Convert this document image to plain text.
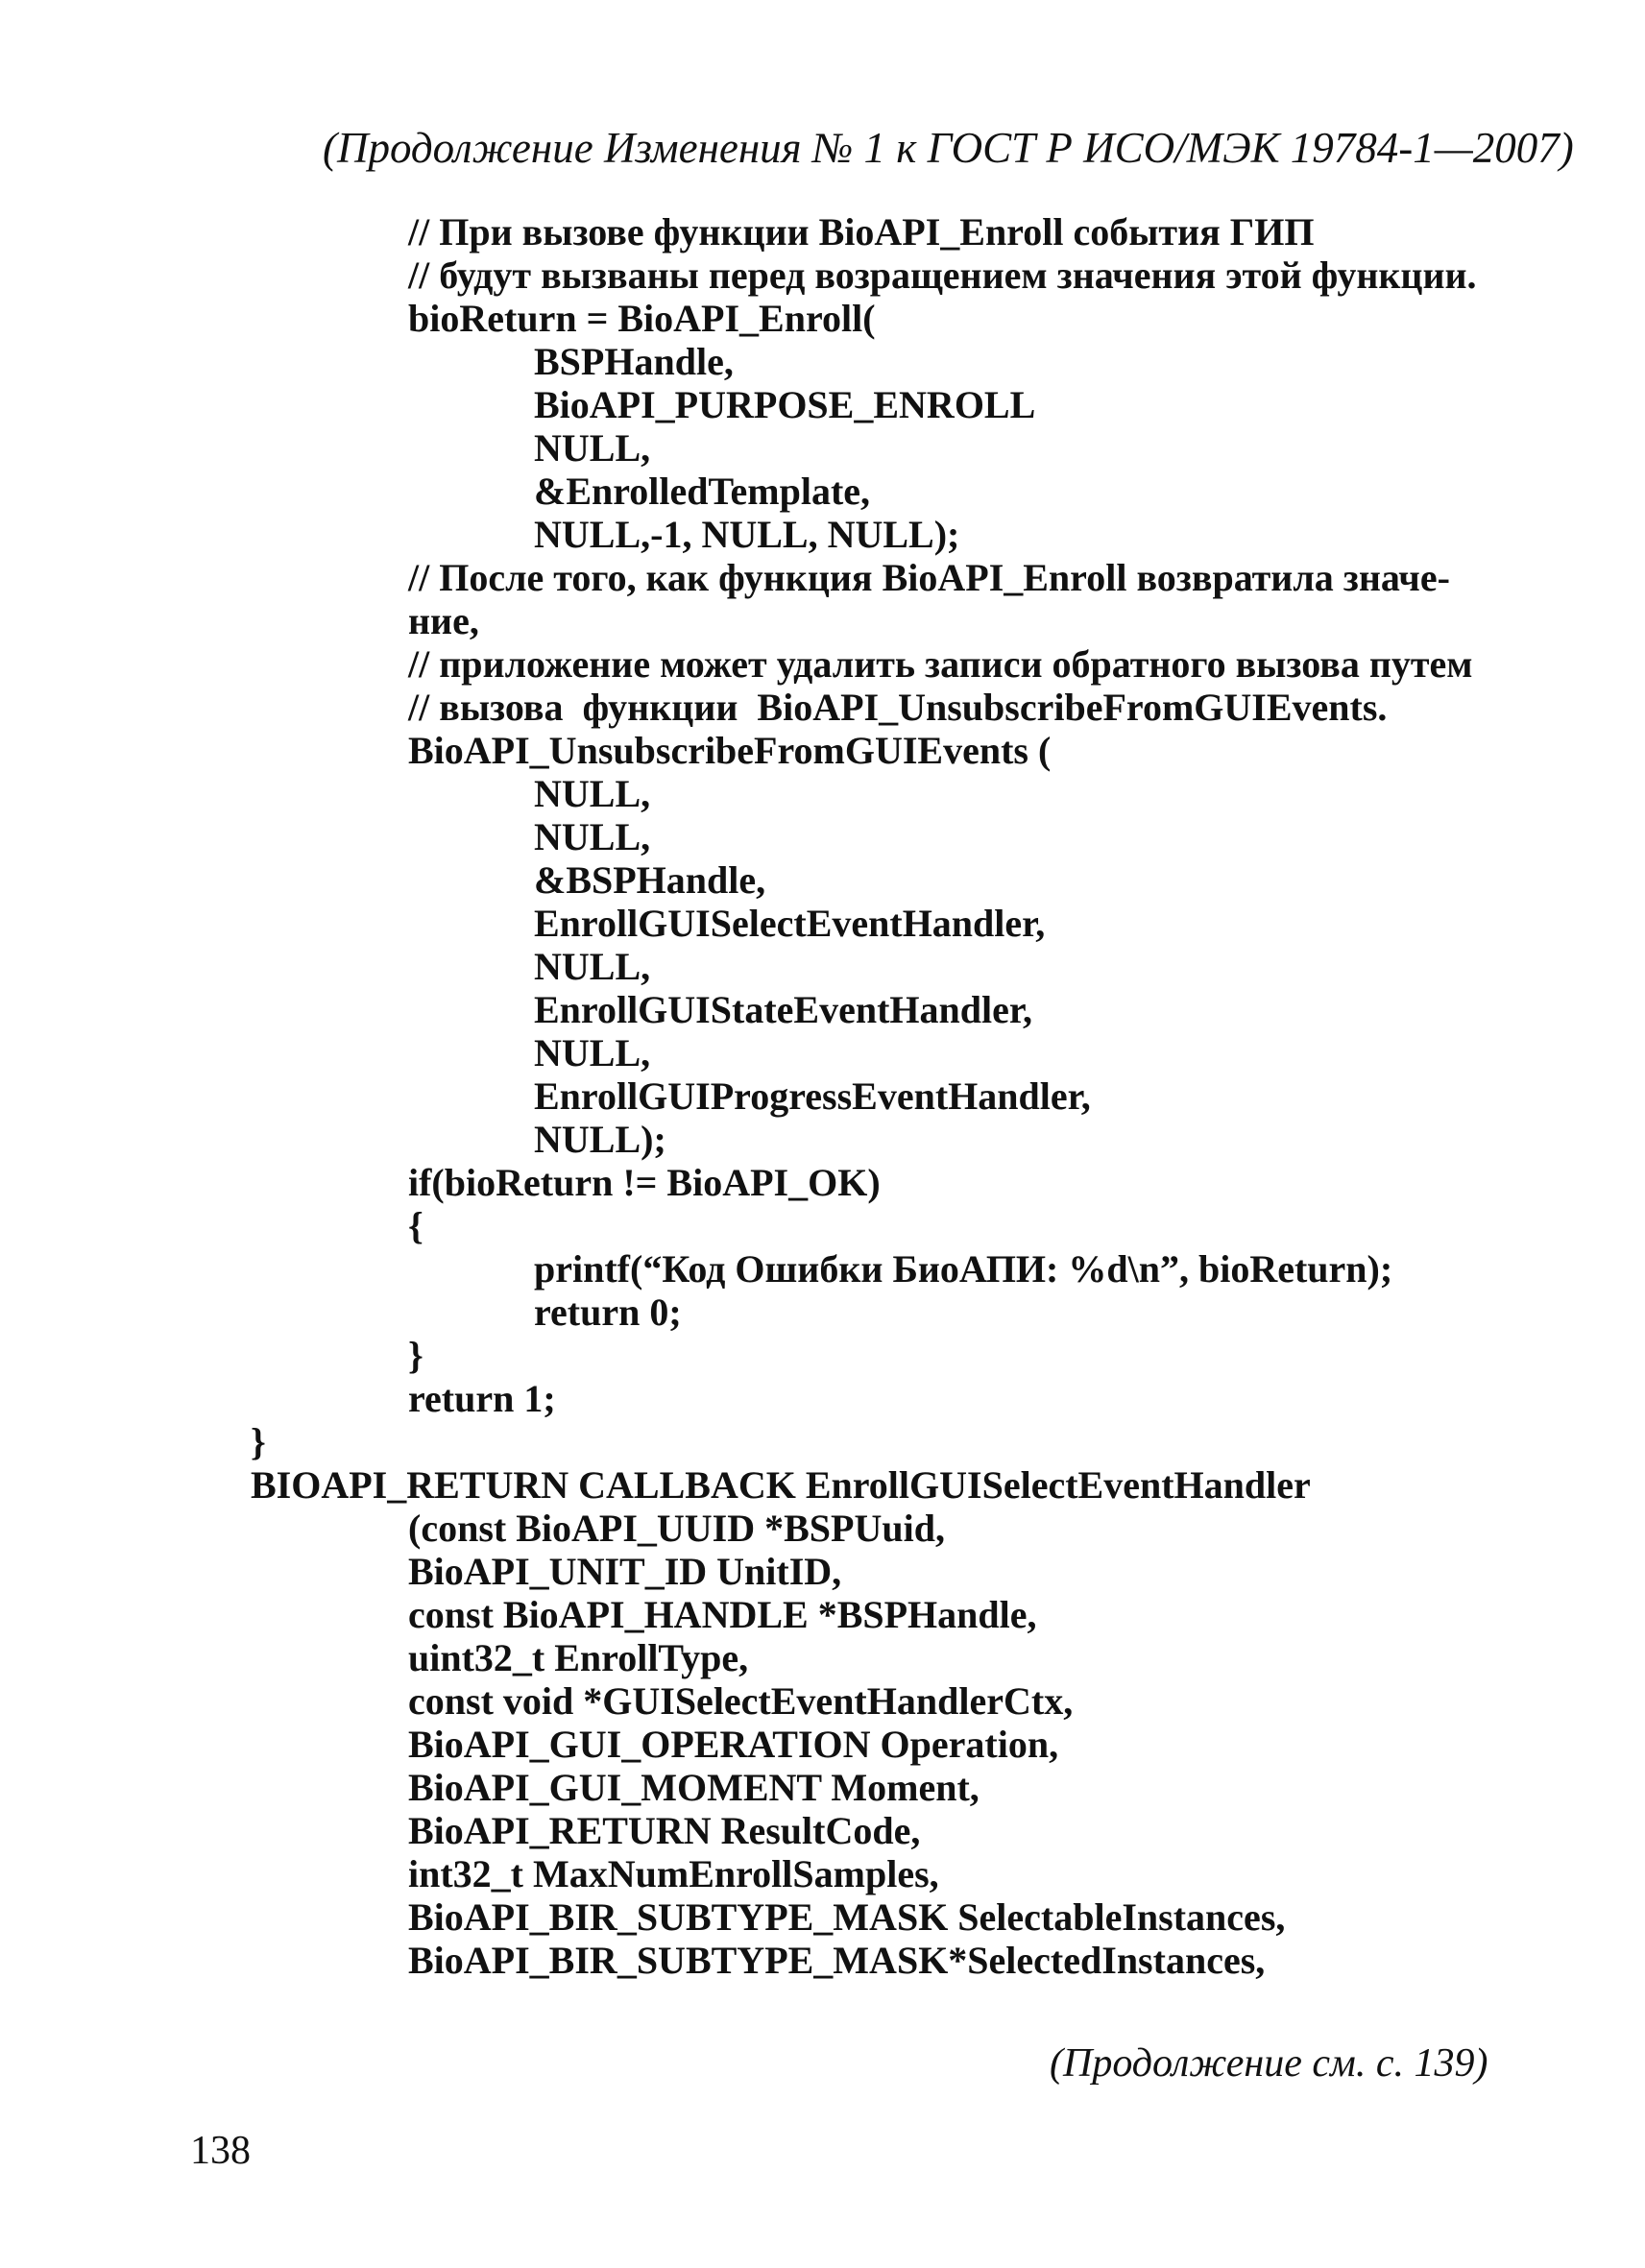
(Продолжение Изменения № 1 к ГОСТ Р ИСО/МЭК 19784-1—2007)
// При вызове функции BioAPI_Enroll события ГИП
// будут вызваны перед возращением значения этой функции.
bioReturn = BioAPI_Enroll(
BSPHandle,
BioAPI_PURPOSE_ENROLL
NULL,
&EnrolledTemplate,
NULL,-1, NULL, NULL);
// После того, как функция BioAPI_Enroll возвратила значе-
ние,
// приложение может удалить записи обратного вызова путем
// вызова  функции  BioAPI_UnsubscribeFromGUIEvents.
BioAPI_UnsubscribeFromGUIEvents (
NULL,
NULL,
&BSPHandle,
EnrollGUISelectEventHandler,
NULL,
EnrollGUIStateEventHandler,
NULL,
EnrollGUIProgressEventHandler,
NULL);
if(bioReturn != BioAPI_OK)
{
printf(“Код Ошибки БиоАПИ: %d\n”, bioReturn);
return 0;
}
return 1;
}
BIOAPI_RETURN CALLBACK EnrollGUISelectEventHandler
(const BioAPI_UUID *BSPUuid,
BioAPI_UNIT_ID UnitID,
const BioAPI_HANDLE *BSPHandle,
uint32_t EnrollType,
const void *GUISelectEventHandlerCtx,
BioAPI_GUI_OPERATION Operation,
BioAPI_GUI_MOMENT Moment,
BioAPI_RETURN ResultCode,
int32_t MaxNumEnrollSamples,
BioAPI_BIR_SUBTYPE_MASK SelectableInstances,
BioAPI_BIR_SUBTYPE_MASK*SelectedInstances,
(Продолжение см. с. 139)
138
